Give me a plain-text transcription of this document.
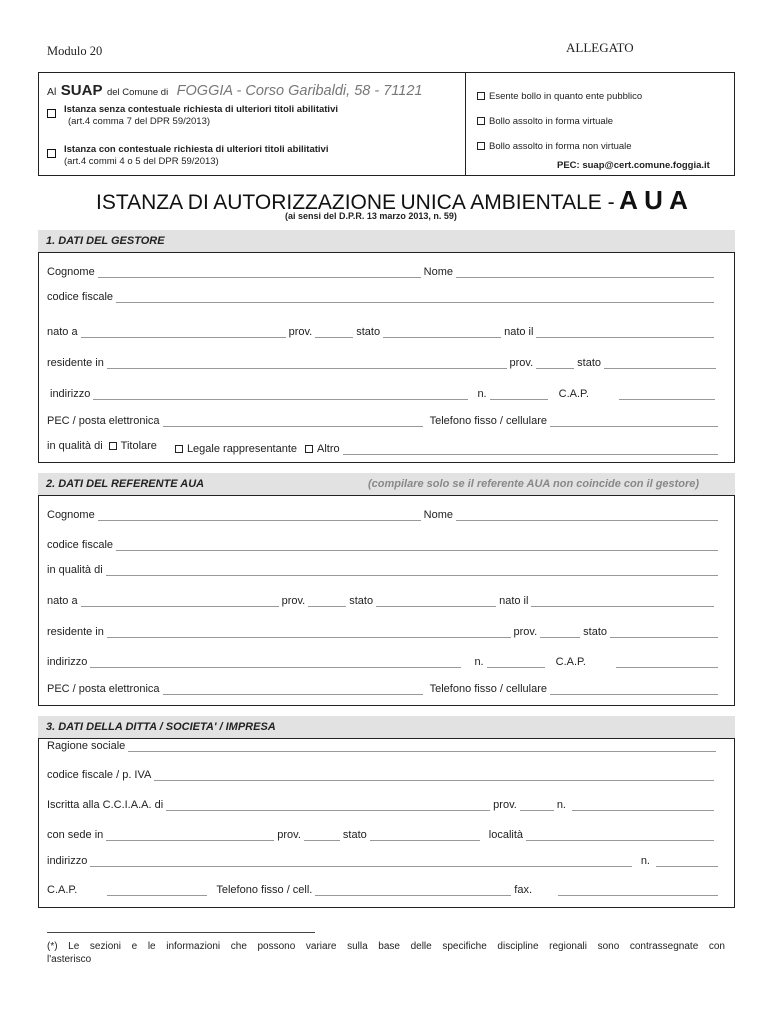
Modulo 20	ALLEGATO
Al SUAP del Comune di FOGGIA - Corso Garibaldi, 58 - 71121
Istanza senza contestuale richiesta di ulteriori titoli abilitativi
(art.4 comma 7 del DPR 59/2013)
Istanza con contestuale richiesta di ulteriori titoli abilitativi
(art.4 commi 4 o 5 del DPR 59/2013)
Esente bollo in quanto ente pubblico
Bollo assolto in forma virtuale
Bollo assolto in forma non virtuale
PEC: suap@cert.comune.foggia.it
ISTANZA DI AUTORIZZAZIONE UNICA AMBIENTALE - A U A
(ai sensi del D.P.R. 13 marzo 2013, n. 59)
1. DATI DEL GESTORE
Cognome	Nome
codice fiscale
nato a	prov.	stato	nato il
residente in	prov.	stato
indirizzo	n.	C.A.P.
PEC / posta elettronica	Telefono fisso / cellulare
in qualità di	Titolare	Legale rappresentante	Altro
2. DATI DEL REFERENTE AUA	(compilare solo se il referente AUA non coincide con il gestore)
Cognome	Nome
codice fiscale
in qualità di
nato a	prov.	stato	nato il
residente in	prov.	stato
indirizzo	n.	C.A.P.
PEC / posta elettronica	Telefono fisso / cellulare
3. DATI DELLA DITTA / SOCIETA' / IMPRESA
Ragione sociale
codice fiscale / p. IVA
Iscritta alla C.C.I.A.A. di	prov.	n.
con sede in	prov.	stato	località
indirizzo	n.
C.A.P.	Telefono fisso / cell.	fax.
(*) Le sezioni e le informazioni che possono variare sulla base delle specifiche discipline regionali sono contrassegnate con
l'asterisco
